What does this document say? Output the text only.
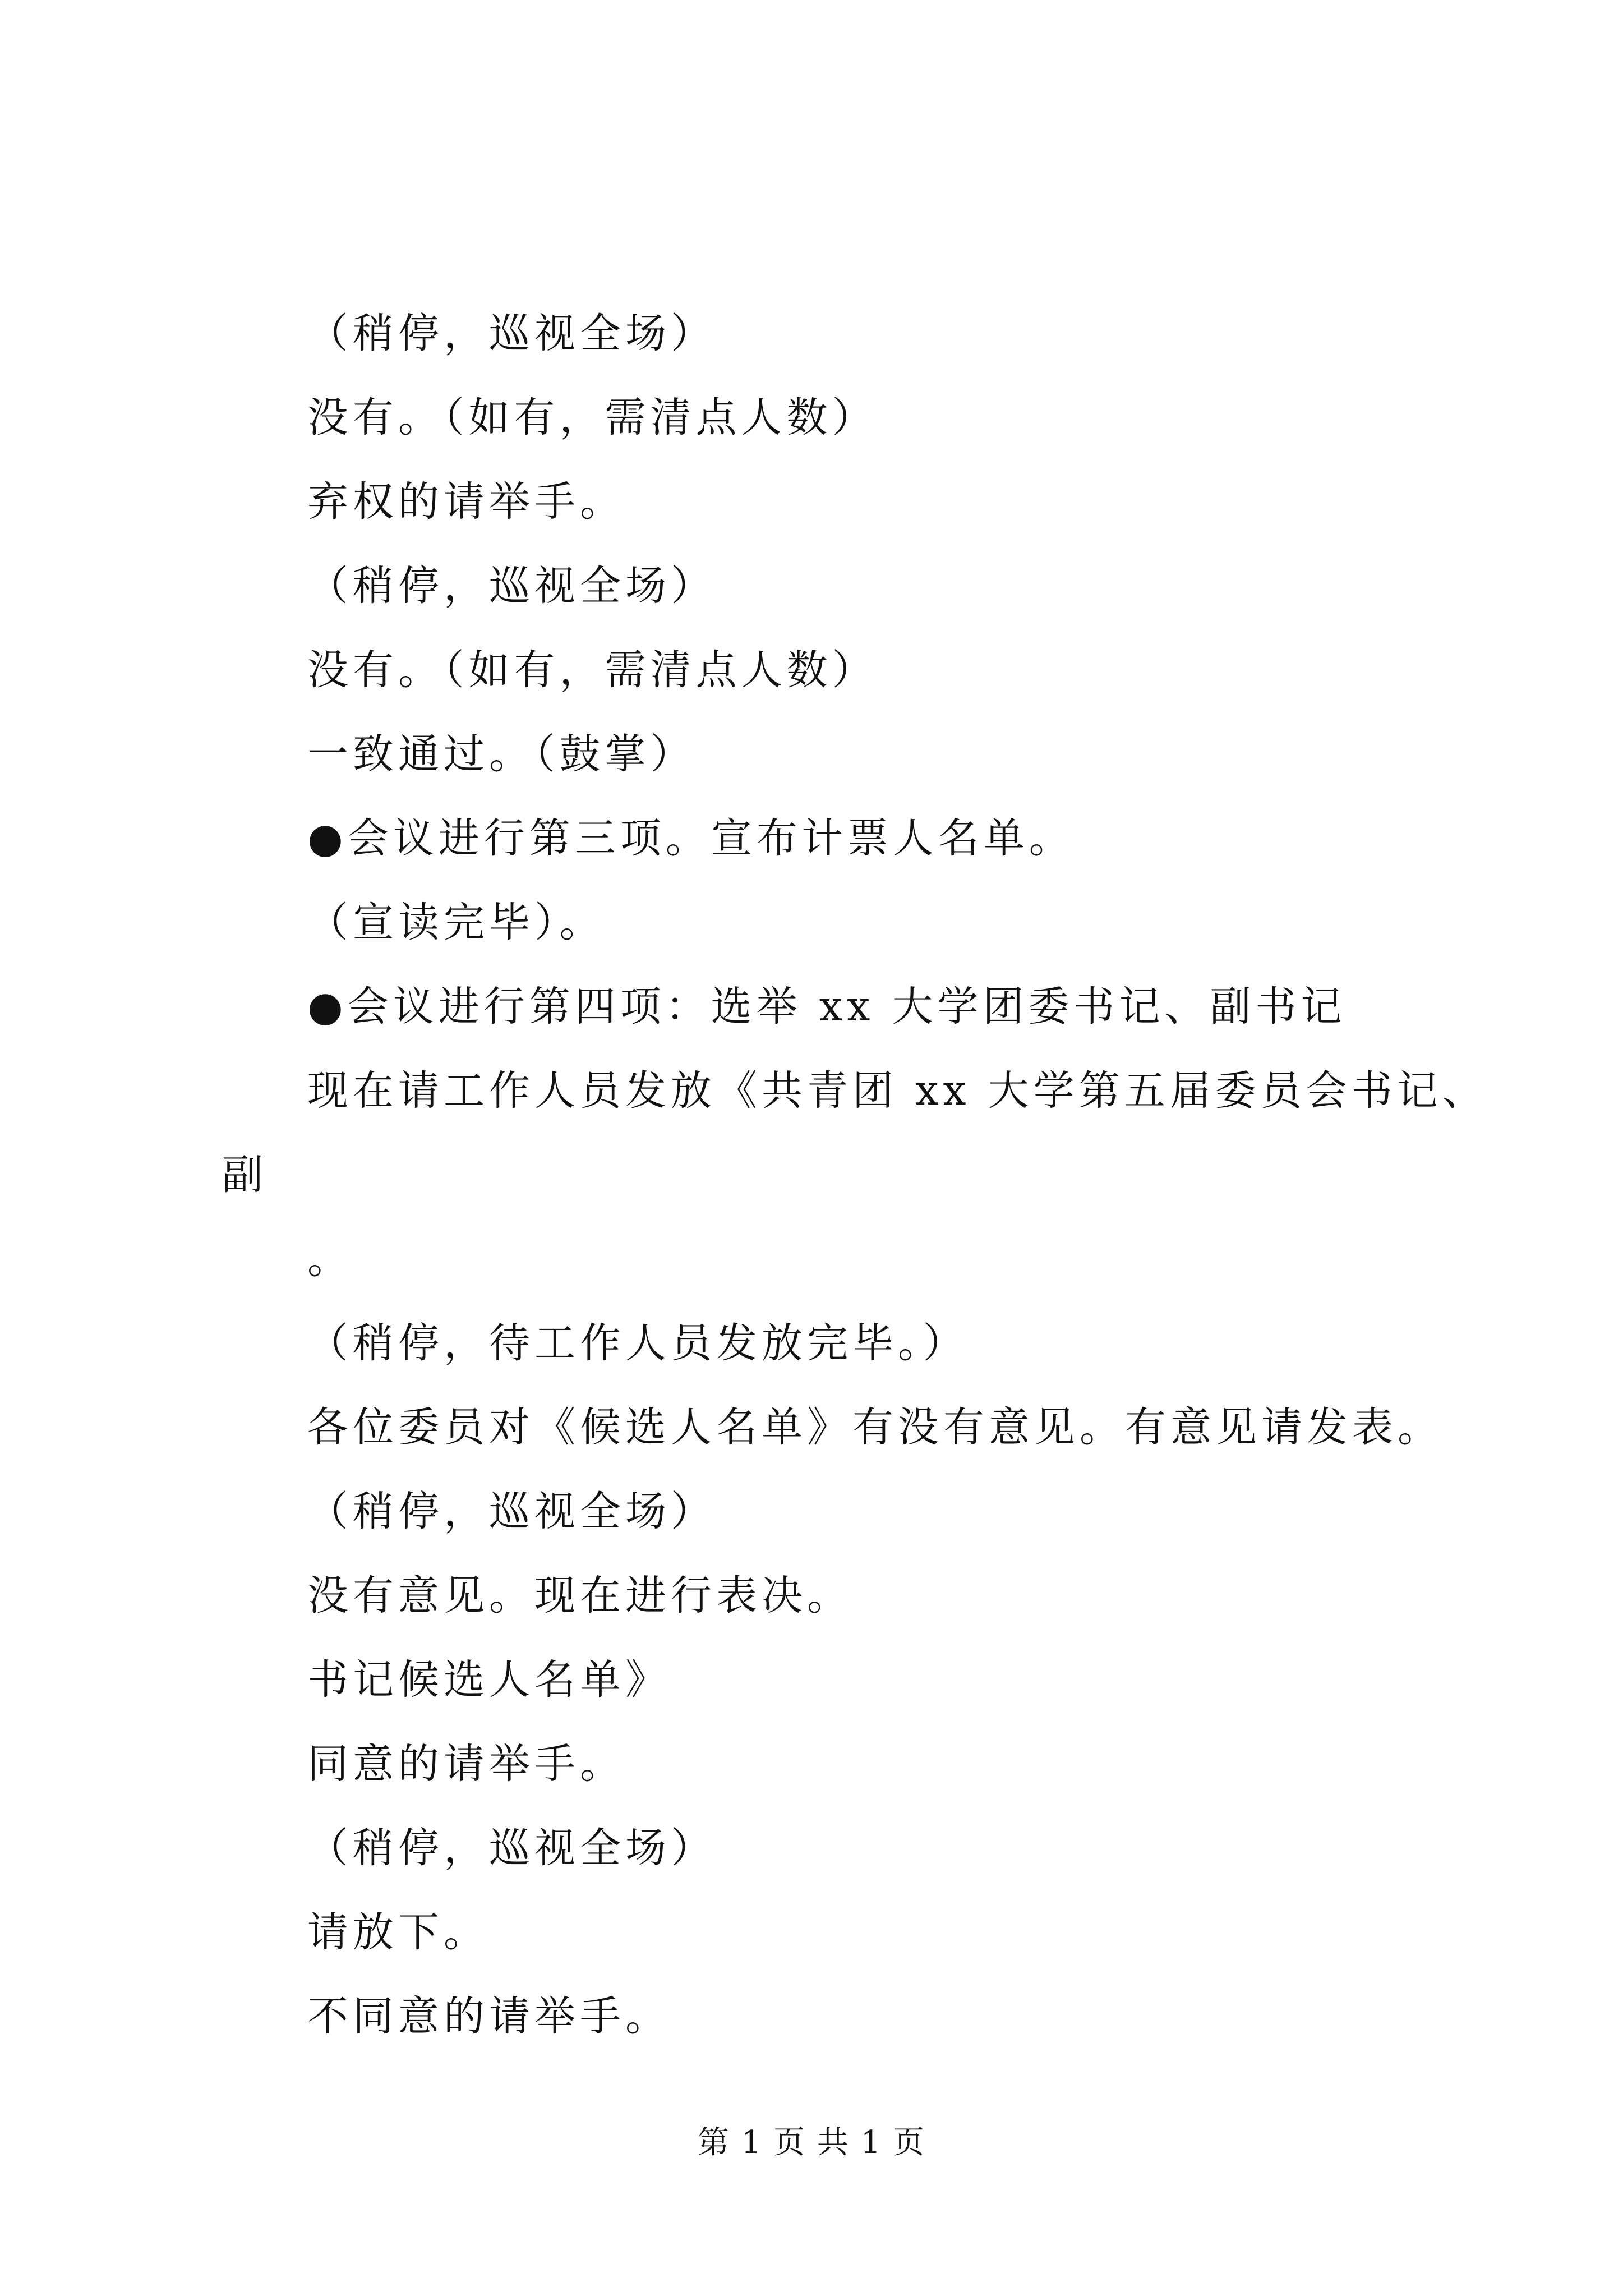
（稍停，巡视全场）
没有。（如有，需清点人数）
弃权的请举手。
（稍停，巡视全场）
没有。（如有，需清点人数）
一致通过。（鼓掌）
●会议进行第三项。宣布计票人名单。
（宣读完毕）。
●会议进行第四项：选举 xx 大学团委书记、副书记
现在请工作人员发放《共青团 xx 大学第五届委员会书记、
副
。
（稍停，待工作人员发放完毕。）
各位委员对《候选人名单》有没有意见。有意见请发表。
（稍停，巡视全场）
没有意见。现在进行表决。
书记候选人名单》
同意的请举手。
（稍停，巡视全场）
请放下。
不同意的请举手。
第 1 页 共 1 页
